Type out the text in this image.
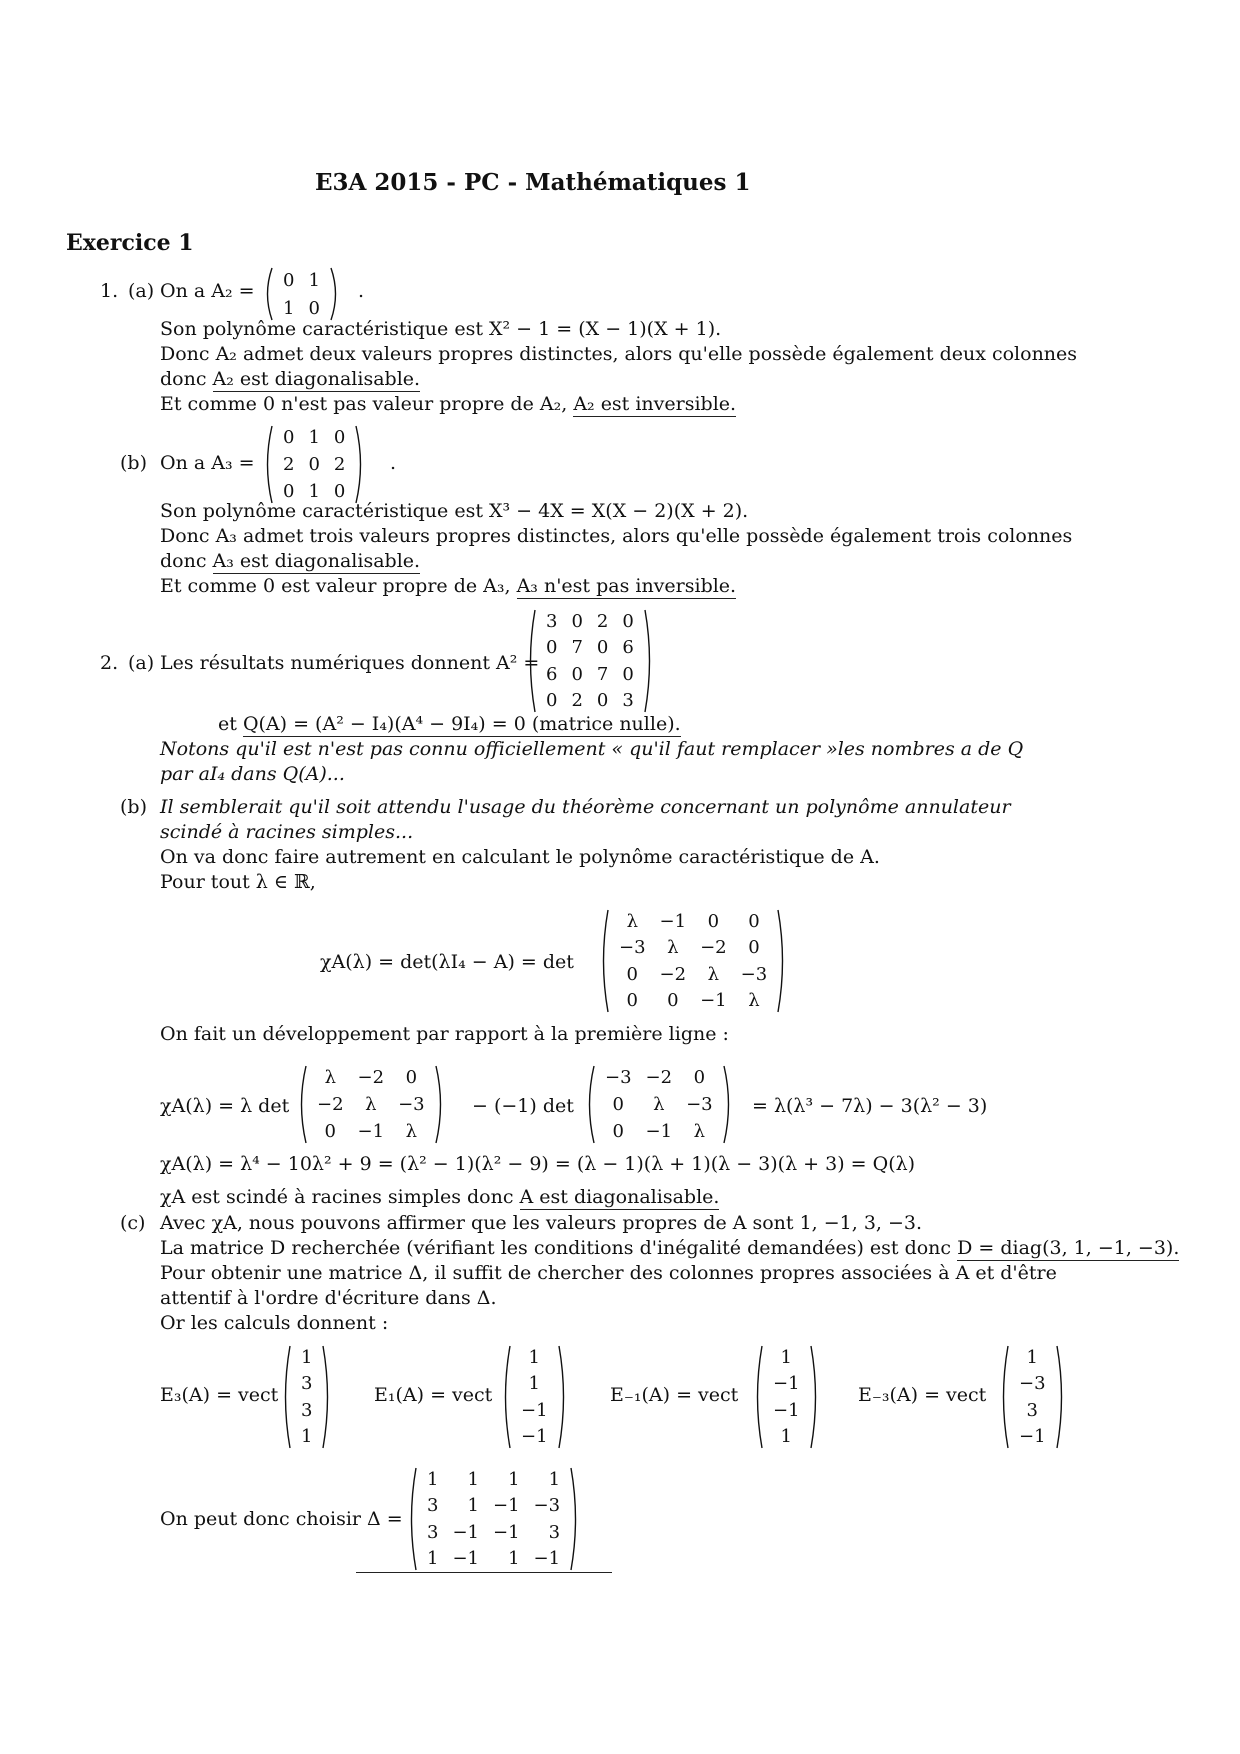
E3A 2015 - PC - Mathématiques 1
Exercice 1
1. (a) On a A₂ = 0	1
1	0
.
Son polynôme caractéristique est X² − 1 = (X − 1)(X + 1).
Donc A₂ admet deux valeurs propres distinctes, alors qu'elle possède également deux colonnes
donc A₂ est diagonalisable.
Et comme 0 n'est pas valeur propre de A₂, A₂ est inversible.
(b) On a A₃ =
0	1	0
2	0	2
0	1	0
.
Son polynôme caractéristique est X³ − 4X = X(X − 2)(X + 2).
Donc A₃ admet trois valeurs propres distinctes, alors qu'elle possède également trois colonnes
donc A₃ est diagonalisable.
Et comme 0 est valeur propre de A₃, A₃ n'est pas inversible.
2. (a) Les résultats numériques donnent A² =
3	0	2	0
0	7	0	6
6	0	7	0
0	2	0	3
et Q(A) = (A² − I₄)(A⁴ − 9I₄) = 0 (matrice nulle).
Notons qu'il est n'est pas connu officiellement « qu'il faut remplacer »les nombres a de Q
par aI₄ dans Q(A)...
(b) Il semblerait qu'il soit attendu l'usage du théorème concernant un polynôme annulateur
scindé à racines simples...
On va donc faire autrement en calculant le polynôme caractéristique de A.
Pour tout λ ∈ ℝ,
χA(λ) = det(λI₄ − A) = det
λ	−1	0	0
−3	λ	−2	0
0	−2	λ	−3
0	0	−1	λ
On fait un développement par rapport à la première ligne :
χA(λ) = λ det
λ	−2	0
−2	λ	−3
0	−1	λ
− (−1) det
−3	−2	0
0	λ	−3
0	−1	λ
= λ(λ³ − 7λ) − 3(λ² − 3)
χA(λ) = λ⁴ − 10λ² + 9 = (λ² − 1)(λ² − 9) = (λ − 1)(λ + 1)(λ − 3)(λ + 3) = Q(λ)
χA est scindé à racines simples donc A est diagonalisable.
(c) Avec χA, nous pouvons affirmer que les valeurs propres de A sont 1, −1, 3, −3.
La matrice D recherchée (vérifiant les conditions d'inégalité demandées) est donc D = diag(3, 1, −1, −3).
Pour obtenir une matrice Δ, il suffit de chercher des colonnes propres associées à A et d'être
attentif à l'ordre d'écriture dans Δ.
Or les calculs donnent :
E₃(A) = vect
1
3
3
1
E₁(A) = vect
1
1
−1
−1
E₋₁(A) = vect
1
−1
−1
1
E₋₃(A) = vect
1
−3
3
−1
On peut donc choisir Δ =
1	1	1	1
3	1	−1	−3
3	−1	−1	3
1	−1	1	−1
